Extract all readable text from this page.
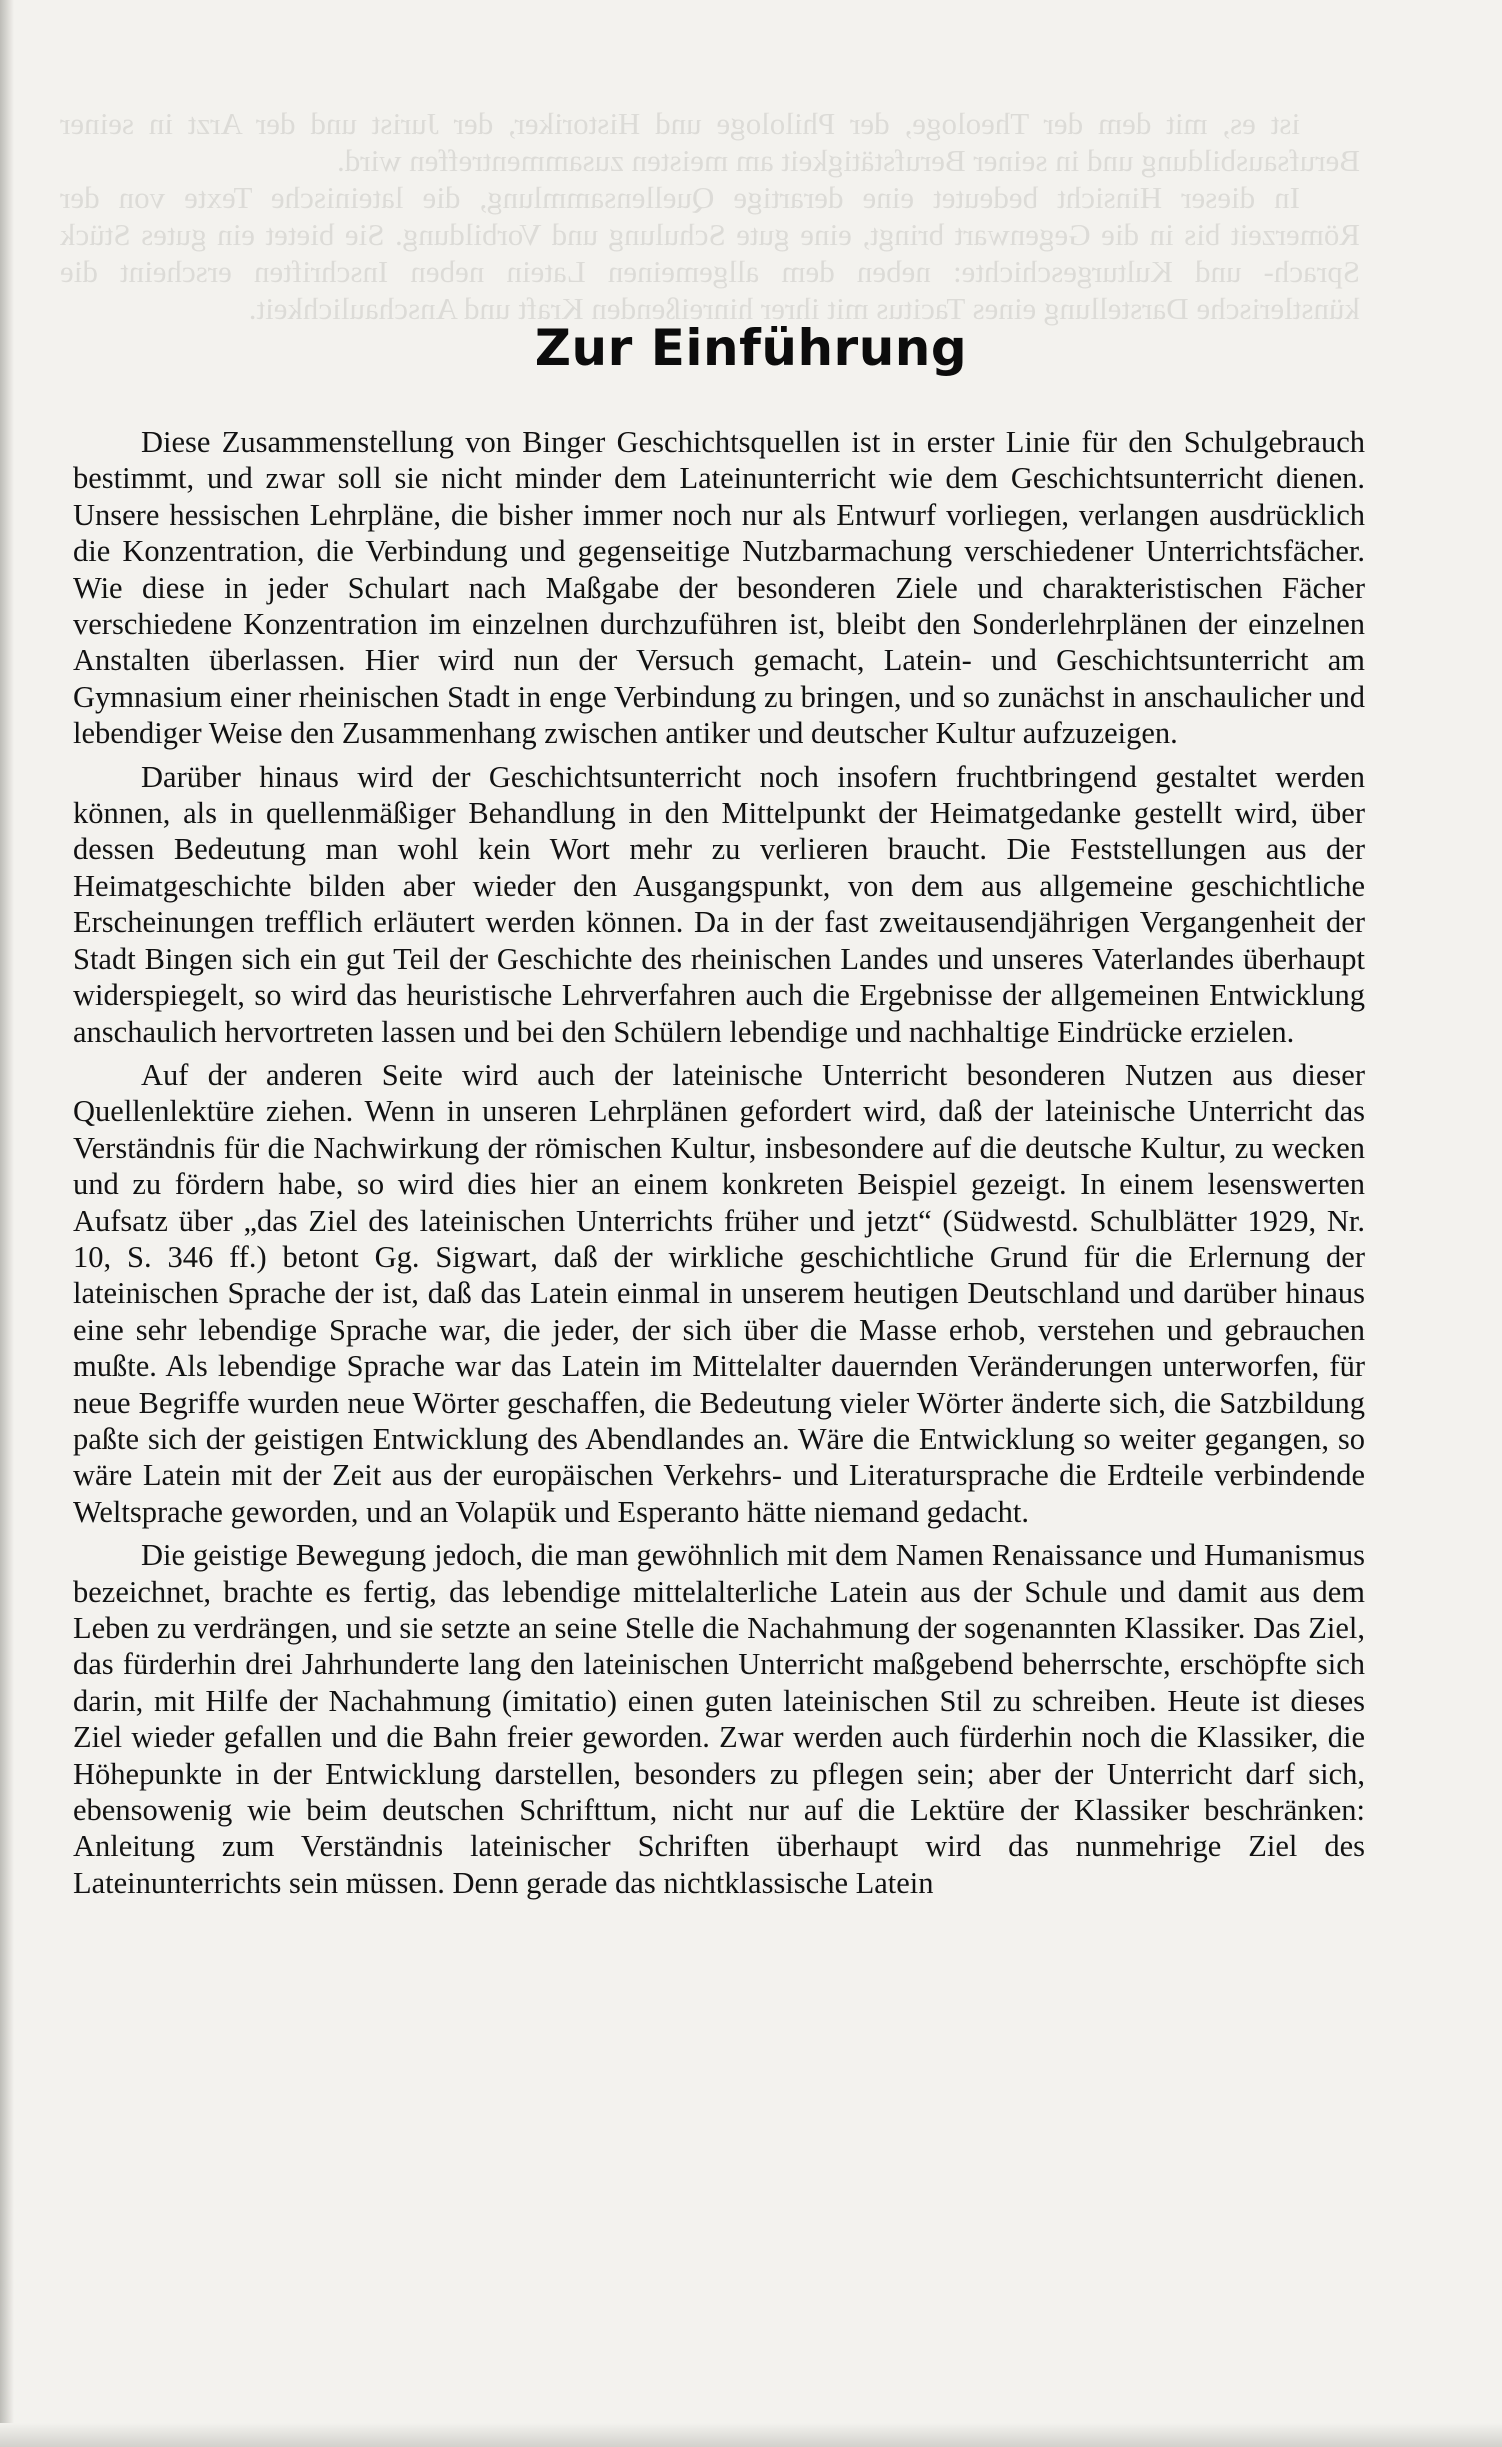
ist es, mit dem der Theologe, der Philologe und Historiker, der Jurist und der Arzt in seiner Berufsausbildung und in seiner Berufstätigkeit am meisten zusammentreffen wird.

In dieser Hinsicht bedeutet eine derartige Quellensammlung, die lateinische Texte von der Römerzeit bis in die Gegenwart bringt, eine gute Schulung und Vorbildung. Sie bietet ein gutes Stück Sprach- und Kulturgeschichte: neben dem allgemeinen Latein neben Inschriften erscheint die künstlerische Darstellung eines Tacitus mit ihrer hinreißenden Kraft und Anschaulichkeit.

Zur Einführung

Diese Zusammenstellung von Binger Geschichtsquellen ist in erster Linie für den Schulgebrauch bestimmt, und zwar soll sie nicht minder dem Lateinunterricht wie dem Geschichtsunterricht dienen. Unsere hessischen Lehrpläne, die bisher immer noch nur als Entwurf vorliegen, verlangen ausdrücklich die Konzentration, die Verbindung und gegenseitige Nutzbarmachung verschiedener Unterrichtsfächer. Wie diese in jeder Schulart nach Maßgabe der besonderen Ziele und charakteristischen Fächer verschiedene Konzentration im einzelnen durchzuführen ist, bleibt den Sonderlehrplänen der einzelnen Anstalten überlassen. Hier wird nun der Versuch gemacht, Latein- und Geschichtsunterricht am Gymnasium einer rheinischen Stadt in enge Verbindung zu bringen, und so zunächst in anschaulicher und lebendiger Weise den Zusammenhang zwischen antiker und deutscher Kultur aufzuzeigen.

Darüber hinaus wird der Geschichtsunterricht noch insofern fruchtbringend gestaltet werden können, als in quellenmäßiger Behandlung in den Mittelpunkt der Heimatgedanke gestellt wird, über dessen Bedeutung man wohl kein Wort mehr zu verlieren braucht. Die Feststellungen aus der Heimatgeschichte bilden aber wieder den Ausgangspunkt, von dem aus allgemeine geschichtliche Erscheinungen trefflich erläutert werden können. Da in der fast zweitausendjährigen Vergangenheit der Stadt Bingen sich ein gut Teil der Geschichte des rheinischen Landes und unseres Vaterlandes überhaupt widerspiegelt, so wird das heuristische Lehrverfahren auch die Ergebnisse der allgemeinen Entwicklung anschaulich hervortreten lassen und bei den Schülern lebendige und nachhaltige Eindrücke erzielen.

Auf der anderen Seite wird auch der lateinische Unterricht besonderen Nutzen aus dieser Quellenlektüre ziehen. Wenn in unseren Lehrplänen gefordert wird, daß der lateinische Unterricht das Verständnis für die Nachwirkung der römischen Kultur, insbesondere auf die deutsche Kultur, zu wecken und zu fördern habe, so wird dies hier an einem konkreten Beispiel gezeigt. In einem lesenswerten Aufsatz über „das Ziel des lateinischen Unterrichts früher und jetzt“ (Südwestd. Schulblätter 1929, Nr. 10, S. 346 ff.) betont Gg. Sigwart, daß der wirkliche geschichtliche Grund für die Erlernung der lateinischen Sprache der ist, daß das Latein einmal in unserem heutigen Deutschland und darüber hinaus eine sehr lebendige Sprache war, die jeder, der sich über die Masse erhob, verstehen und gebrauchen mußte. Als lebendige Sprache war das Latein im Mittelalter dauernden Veränderungen unterworfen, für neue Begriffe wurden neue Wörter geschaffen, die Bedeutung vieler Wörter änderte sich, die Satzbildung paßte sich der geistigen Entwicklung des Abendlandes an. Wäre die Entwicklung so weiter gegangen, so wäre Latein mit der Zeit aus der europäischen Verkehrs- und Literatursprache die Erdteile verbindende Weltsprache geworden, und an Volapük und Esperanto hätte niemand gedacht.

Die geistige Bewegung jedoch, die man gewöhnlich mit dem Namen Renaissance und Humanismus bezeichnet, brachte es fertig, das lebendige mittelalterliche Latein aus der Schule und damit aus dem Leben zu verdrängen, und sie setzte an seine Stelle die Nachahmung der sogenannten Klassiker. Das Ziel, das fürderhin drei Jahrhunderte lang den lateinischen Unterricht maßgebend beherrschte, erschöpfte sich darin, mit Hilfe der Nachahmung (imitatio) einen guten lateinischen Stil zu schreiben. Heute ist dieses Ziel wieder gefallen und die Bahn freier geworden. Zwar werden auch fürderhin noch die Klassiker, die Höhepunkte in der Entwicklung darstellen, besonders zu pflegen sein; aber der Unterricht darf sich, ebensowenig wie beim deutschen Schrifttum, nicht nur auf die Lektüre der Klassiker beschränken: Anleitung zum Verständnis lateinischer Schriften überhaupt wird das nunmehrige Ziel des Lateinunterrichts sein müssen. Denn gerade das nichtklassische Latein
